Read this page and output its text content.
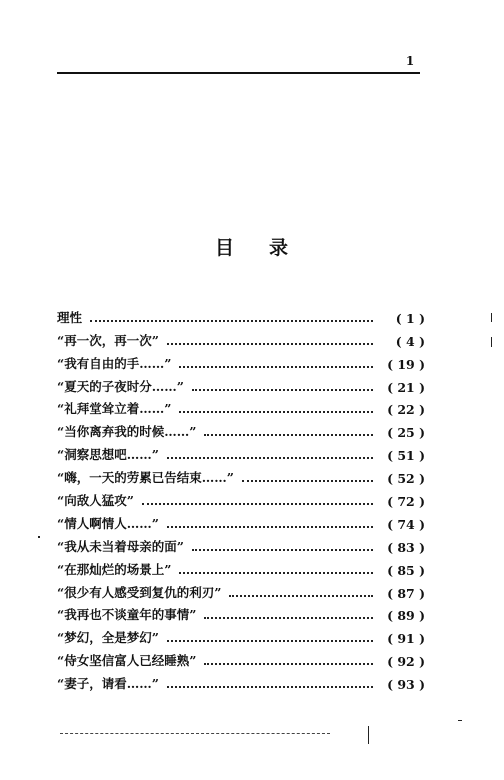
1
目 录
理性	( 1 )
“再一次，再一次”	( 4 )
“我有自由的手……”	( 19 )
“夏天的子夜时分……”	( 21 )
“礼拜堂耸立着……”	( 22 )
“当你离弃我的时候……”	( 25 )
“洞察思想吧……”	( 51 )
“嗨，一天的劳累已告结束……”	( 52 )
“向敌人猛攻”	( 72 )
“情人啊情人……”	( 74 )
“我从未当着母亲的面”	( 83 )
“在那灿烂的场景上”	( 85 )
“很少有人感受到复仇的利刃”	( 87 )
“我再也不谈童年的事情”	( 89 )
“梦幻，全是梦幻”	( 91 )
“侍女坚信富人已经睡熟”	( 92 )
“妻子，请看……”	( 93 )
